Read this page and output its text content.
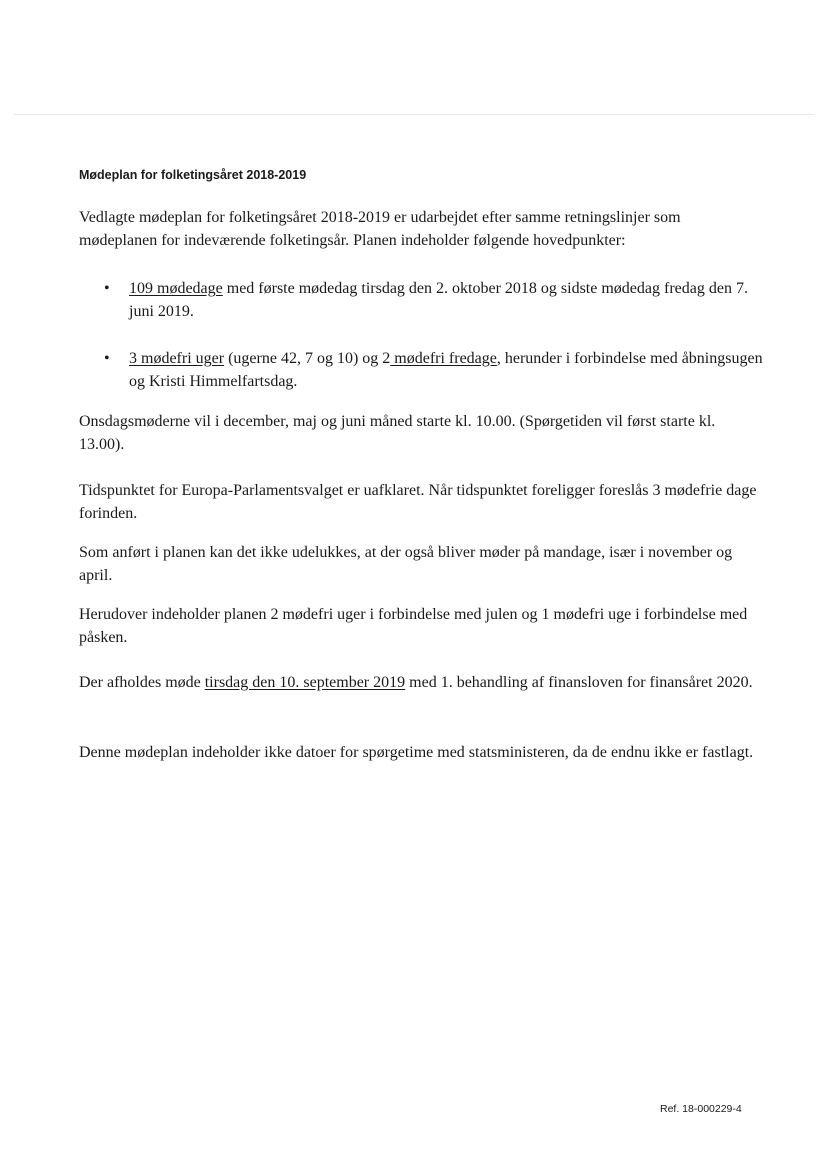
Mødeplan for folketingsåret 2018-2019

Vedlagte mødeplan for folketingsåret 2018-2019 er udarbejdet efter samme retningslinjer som mødeplanen for indeværende folketingsår. Planen indeholder følgende hovedpunkter:

•	109 mødedage med første mødedag tirsdag den 2. oktober 2018 og sidste mødedag fredag den 7. juni 2019.

•	3 mødefri uger (ugerne 42, 7 og 10) og 2 mødefri fredage, herunder i forbindelse med åbningsugen og Kristi Himmelfartsdag.

Onsdagsmøderne vil i december, maj og juni måned starte kl. 10.00. (Spørgetiden vil først starte kl. 13.00).

Tidspunktet for Europa-Parlamentsvalget er uafklaret. Når tidspunktet foreligger foreslås 3 mødefrie dage forinden.

Som anført i planen kan det ikke udelukkes, at der også bliver møder på mandage, især i november og april.

Herudover indeholder planen 2 mødefri uger i forbindelse med julen og 1 mødefri uge i forbindelse med påsken.

Der afholdes møde tirsdag den 10. september 2019 med 1. behandling af finansloven for finansåret 2020.

Denne mødeplan indeholder ikke datoer for spørgetime med statsministeren, da de endnu ikke er fastlagt.

Ref. 18-000229-4
